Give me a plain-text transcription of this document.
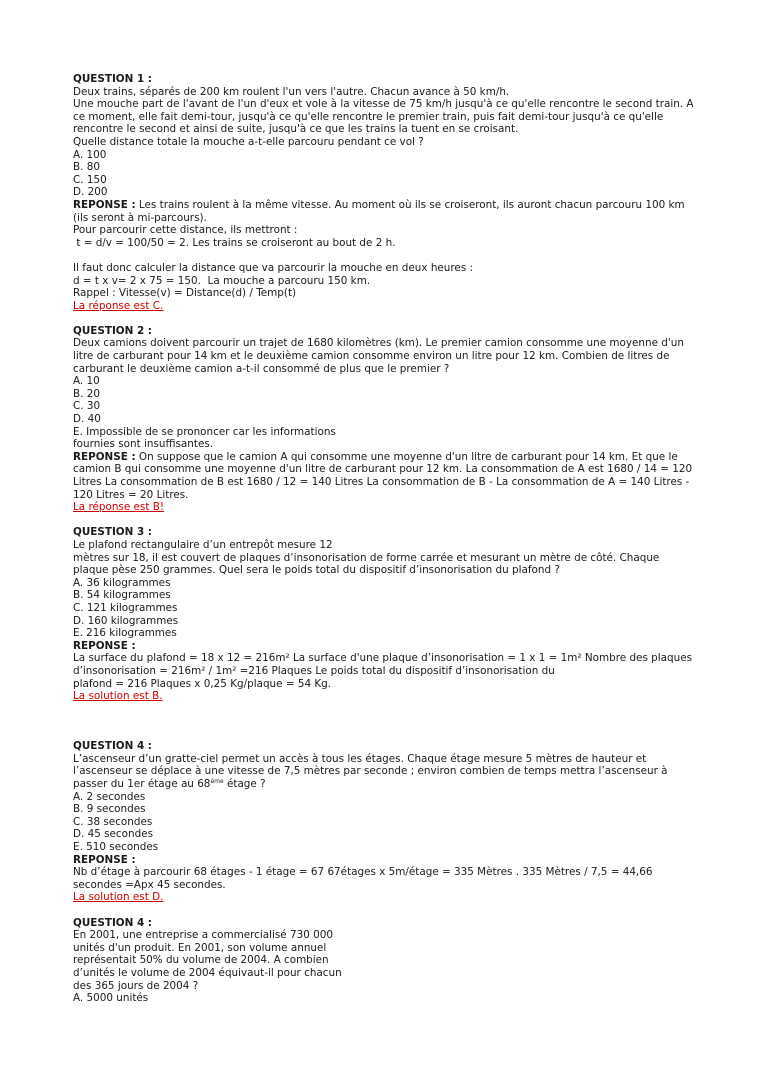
QUESTION 1 :
Deux trains, séparés de 200 km roulent l'un vers l'autre. Chacun avance à 50 km/h.
Une mouche part de l'avant de l'un d'eux et vole à la vitesse de 75 km/h jusqu'à ce qu'elle rencontre le second train. A
ce moment, elle fait demi-tour, jusqu'à ce qu'elle rencontre le premier train, puis fait demi-tour jusqu'à ce qu'elle
rencontre le second et ainsi de suite, jusqu'à ce que les trains la tuent en se croisant.
Quelle distance totale la mouche a-t-elle parcouru pendant ce vol ?
A. 100
B. 80
C. 150
D. 200
REPONSE : Les trains roulent à la même vitesse. Au moment où ils se croiseront, ils auront chacun parcouru 100 km
(ils seront à mi-parcours).
Pour parcourir cette distance, ils mettront :
t = d/v = 100/50 = 2. Les trains se croiseront au bout de 2 h.
Il faut donc calculer la distance que va parcourir la mouche en deux heures :
d = t x v= 2 x 75 = 150.  La mouche a parcouru 150 km.
Rappel : Vitesse(v) = Distance(d) / Temp(t)
La réponse est C.
QUESTION 2 :
Deux camions doivent parcourir un trajet de 1680 kilomètres (km). Le premier camion consomme une moyenne d'un
litre de carburant pour 14 km et le deuxième camion consomme environ un litre pour 12 km. Combien de litres de
carburant le deuxième camion a-t-il consommé de plus que le premier ?
A. 10
B. 20
C. 30
D. 40
E. Impossible de se prononcer car les informations
fournies sont insuffisantes.
REPONSE : On suppose que le camion A qui consomme une moyenne d'un litre de carburant pour 14 km. Et que le
camion B qui consomme une moyenne d'un litre de carburant pour 12 km. La consommation de A est 1680 / 14 = 120
Litres La consommation de B est 1680 / 12 = 140 Litres La consommation de B - La consommation de A = 140 Litres -
120 Litres = 20 Litres.
La réponse est B!
QUESTION 3 :
Le plafond rectangulaire d’un entrepôt mesure 12
mètres sur 18, il est couvert de plaques d’insonorisation de forme carrée et mesurant un mètre de côté. Chaque
plaque pèse 250 grammes. Quel sera le poids total du dispositif d’insonorisation du plafond ?
A. 36 kilogrammes
B. 54 kilogrammes
C. 121 kilogrammes
D. 160 kilogrammes
E. 216 kilogrammes
REPONSE :
La surface du plafond = 18 x 12 = 216m² La surface d'une plaque d’insonorisation = 1 x 1 = 1m² Nombre des plaques
d’insonorisation = 216m² / 1m² =216 Plaques Le poids total du dispositif d’insonorisation du
plafond = 216 Plaques x 0,25 Kg/plaque = 54 Kg.
La solution est B.
QUESTION 4 :
L’ascenseur d’un gratte-ciel permet un accès à tous les étages. Chaque étage mesure 5 mètres de hauteur et
l’ascenseur se déplace à une vitesse de 7,5 mètres par seconde ; environ combien de temps mettra l’ascenseur à
passer du 1er étage au 68ème étage ?
A. 2 secondes
B. 9 secondes
C. 38 secondes
D. 45 secondes
E. 510 secondes
REPONSE :
Nb d’étage à parcourir 68 étages - 1 étage = 67 67étages x 5m/étage = 335 Mètres . 335 Mètres / 7,5 = 44,66
secondes =Apx 45 secondes.
La solution est D.
QUESTION 4 :
En 2001, une entreprise a commercialisé 730 000
unités d'un produit. En 2001, son volume annuel
représentait 50% du volume de 2004. A combien
d’unités le volume de 2004 équivaut-il pour chacun
des 365 jours de 2004 ?
A. 5000 unités
